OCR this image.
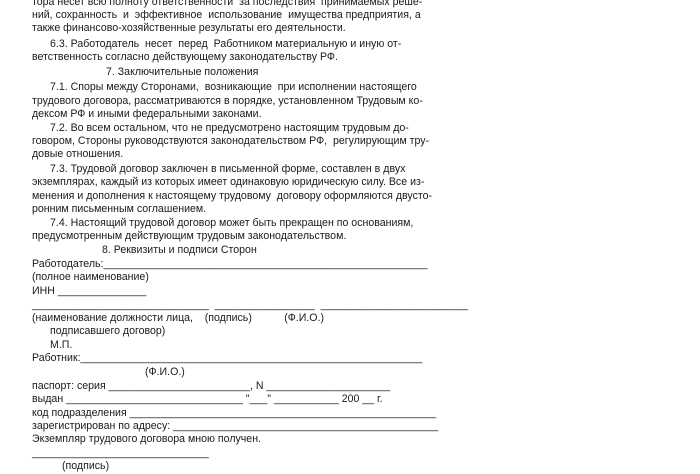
тора несет всю полноту ответственности  за последствия  принимаемых реше-
ний, сохранность  и  эффективное  использование  имущества предприятия, а
также финансово-хозяйственные результаты его деятельности.
6.3. Работодатель  несет  перед  Работником материальную и иную от-
ветственность согласно действующему законодательству РФ.
7. Заключительные положения
7.1. Споры между Сторонами,  возникающие  при исполнении настоящего
трудового договора, рассматриваются в порядке, установленном Трудовым ко-
дексом РФ и иными федеральными законами.
7.2. Во всем остальном, что не предусмотрено настоящим трудовым до-
говором, Стороны руководствуются законодательством РФ,  регулирующим тру-
довые отношения.
7.3. Трудовой договор заключен в письменной форме, составлен в двух
экземплярах, каждый из которых имеет одинаковую юридическую силу. Все из-
менения и дополнения к настоящему трудовому  договору оформляются двусто-
ронним письменным соглашением.
7.4. Настоящий трудовой договор может быть прекращен по основаниям,
предусмотренным действующим трудовым законодательством.
8. Реквизиты и подписи Сторон
Работодатель:_______________________________________________________
(полное наименование)
ИНН _______________
______________________________  _________________  _________________________
(наименование должности лица,    (подпись)           (Ф.И.О.)
подписавшего договор)
М.П.
Работник:__________________________________________________________
(Ф.И.О.)
паспорт: серия ________________________, N _____________________
выдан ______________________________ "___" ___________ 200 __ г.
код подразделения ____________________________________________________
зарегистрирован по адресу: _____________________________________________
Экземпляр трудового договора мною получен.
______________________________
(подпись)
